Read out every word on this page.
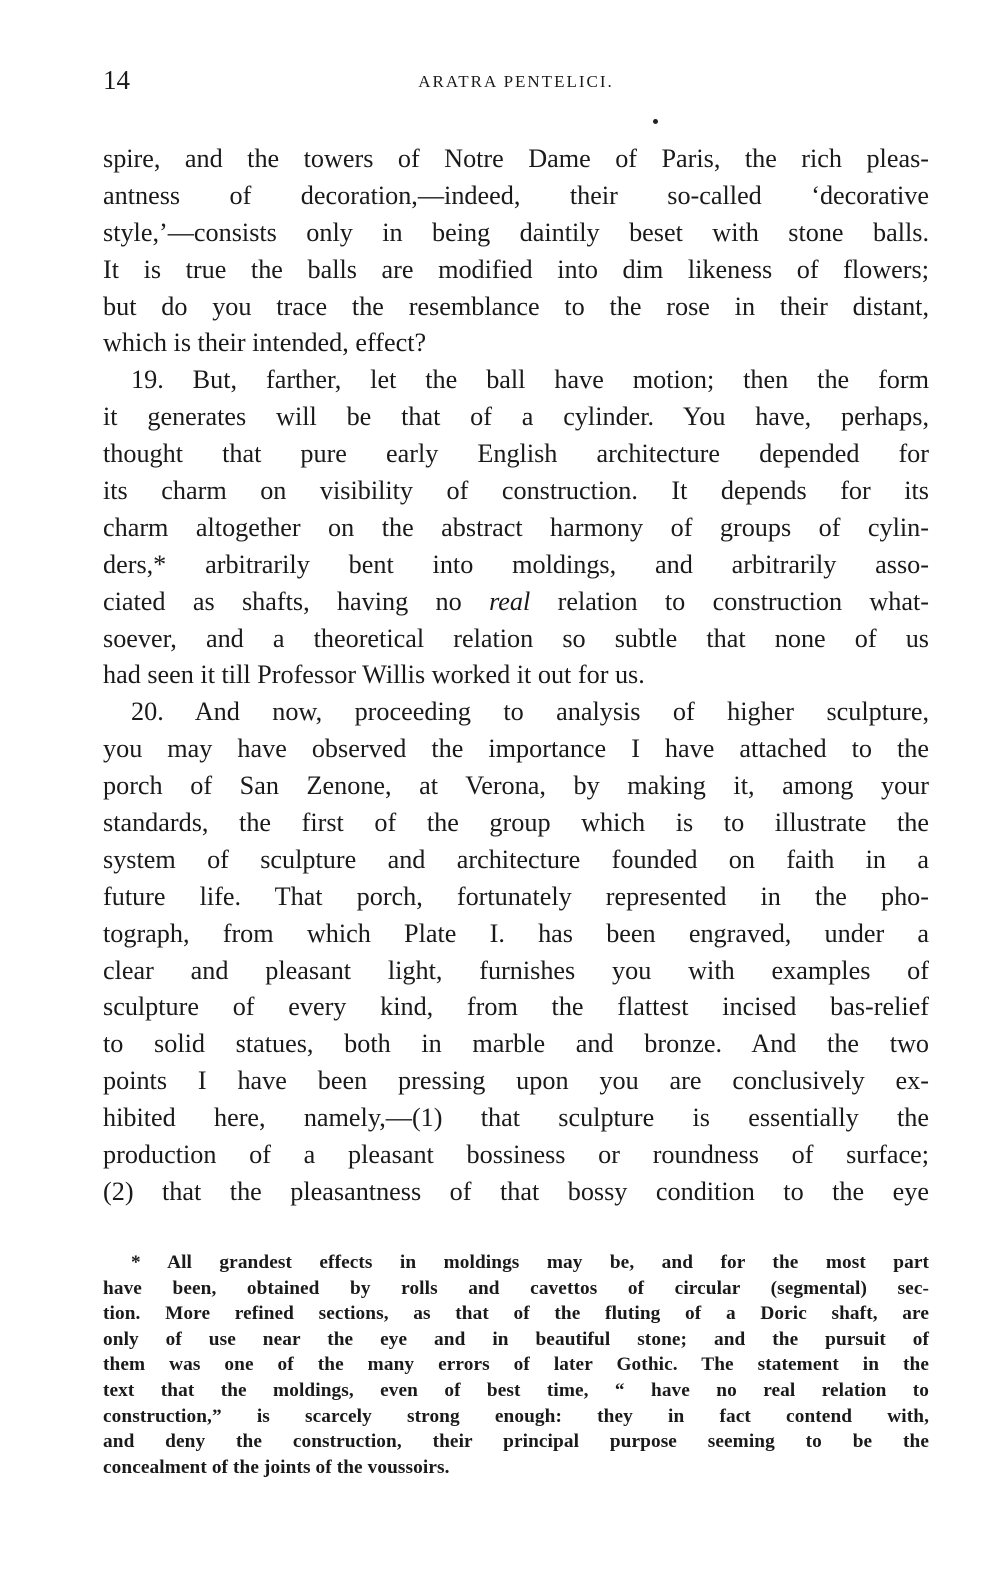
14	ARATRA PENTELICI.
spire, and the towers of Notre Dame of Paris, the rich pleas-
antness of decoration,—indeed, their so-called ‘decorative
style,’—consists only in being daintily beset with stone balls.
It is true the balls are modified into dim likeness of flowers;
but do you trace the resemblance to the rose in their distant,
which is their intended, effect?
19. But, farther, let the ball have motion; then the form
it generates will be that of a cylinder. You have, perhaps,
thought that pure early English architecture depended for
its charm on visibility of construction. It depends for its
charm altogether on the abstract harmony of groups of cylin-
ders,* arbitrarily bent into moldings, and arbitrarily asso-
ciated as shafts, having no real relation to construction what-
soever, and a theoretical relation so subtle that none of us
had seen it till Professor Willis worked it out for us.
20. And now, proceeding to analysis of higher sculpture,
you may have observed the importance I have attached to the
porch of San Zenone, at Verona, by making it, among your
standards, the first of the group which is to illustrate the
system of sculpture and architecture founded on faith in a
future life. That porch, fortunately represented in the pho-
tograph, from which Plate I. has been engraved, under a
clear and pleasant light, furnishes you with examples of
sculpture of every kind, from the flattest incised bas-relief
to solid statues, both in marble and bronze. And the two
points I have been pressing upon you are conclusively ex-
hibited here, namely,—(1) that sculpture is essentially the
production of a pleasant bossiness or roundness of surface;
(2) that the pleasantness of that bossy condition to the eye
* All grandest effects in moldings may be, and for the most part
have been, obtained by rolls and cavettos of circular (segmental) sec-
tion. More refined sections, as that of the fluting of a Doric shaft, are
only of use near the eye and in beautiful stone; and the pursuit of
them was one of the many errors of later Gothic. The statement in the
text that the moldings, even of best time, “ have no real relation to
construction,” is scarcely strong enough: they in fact contend with,
and deny the construction, their principal purpose seeming to be the
concealment of the joints of the voussoirs.
